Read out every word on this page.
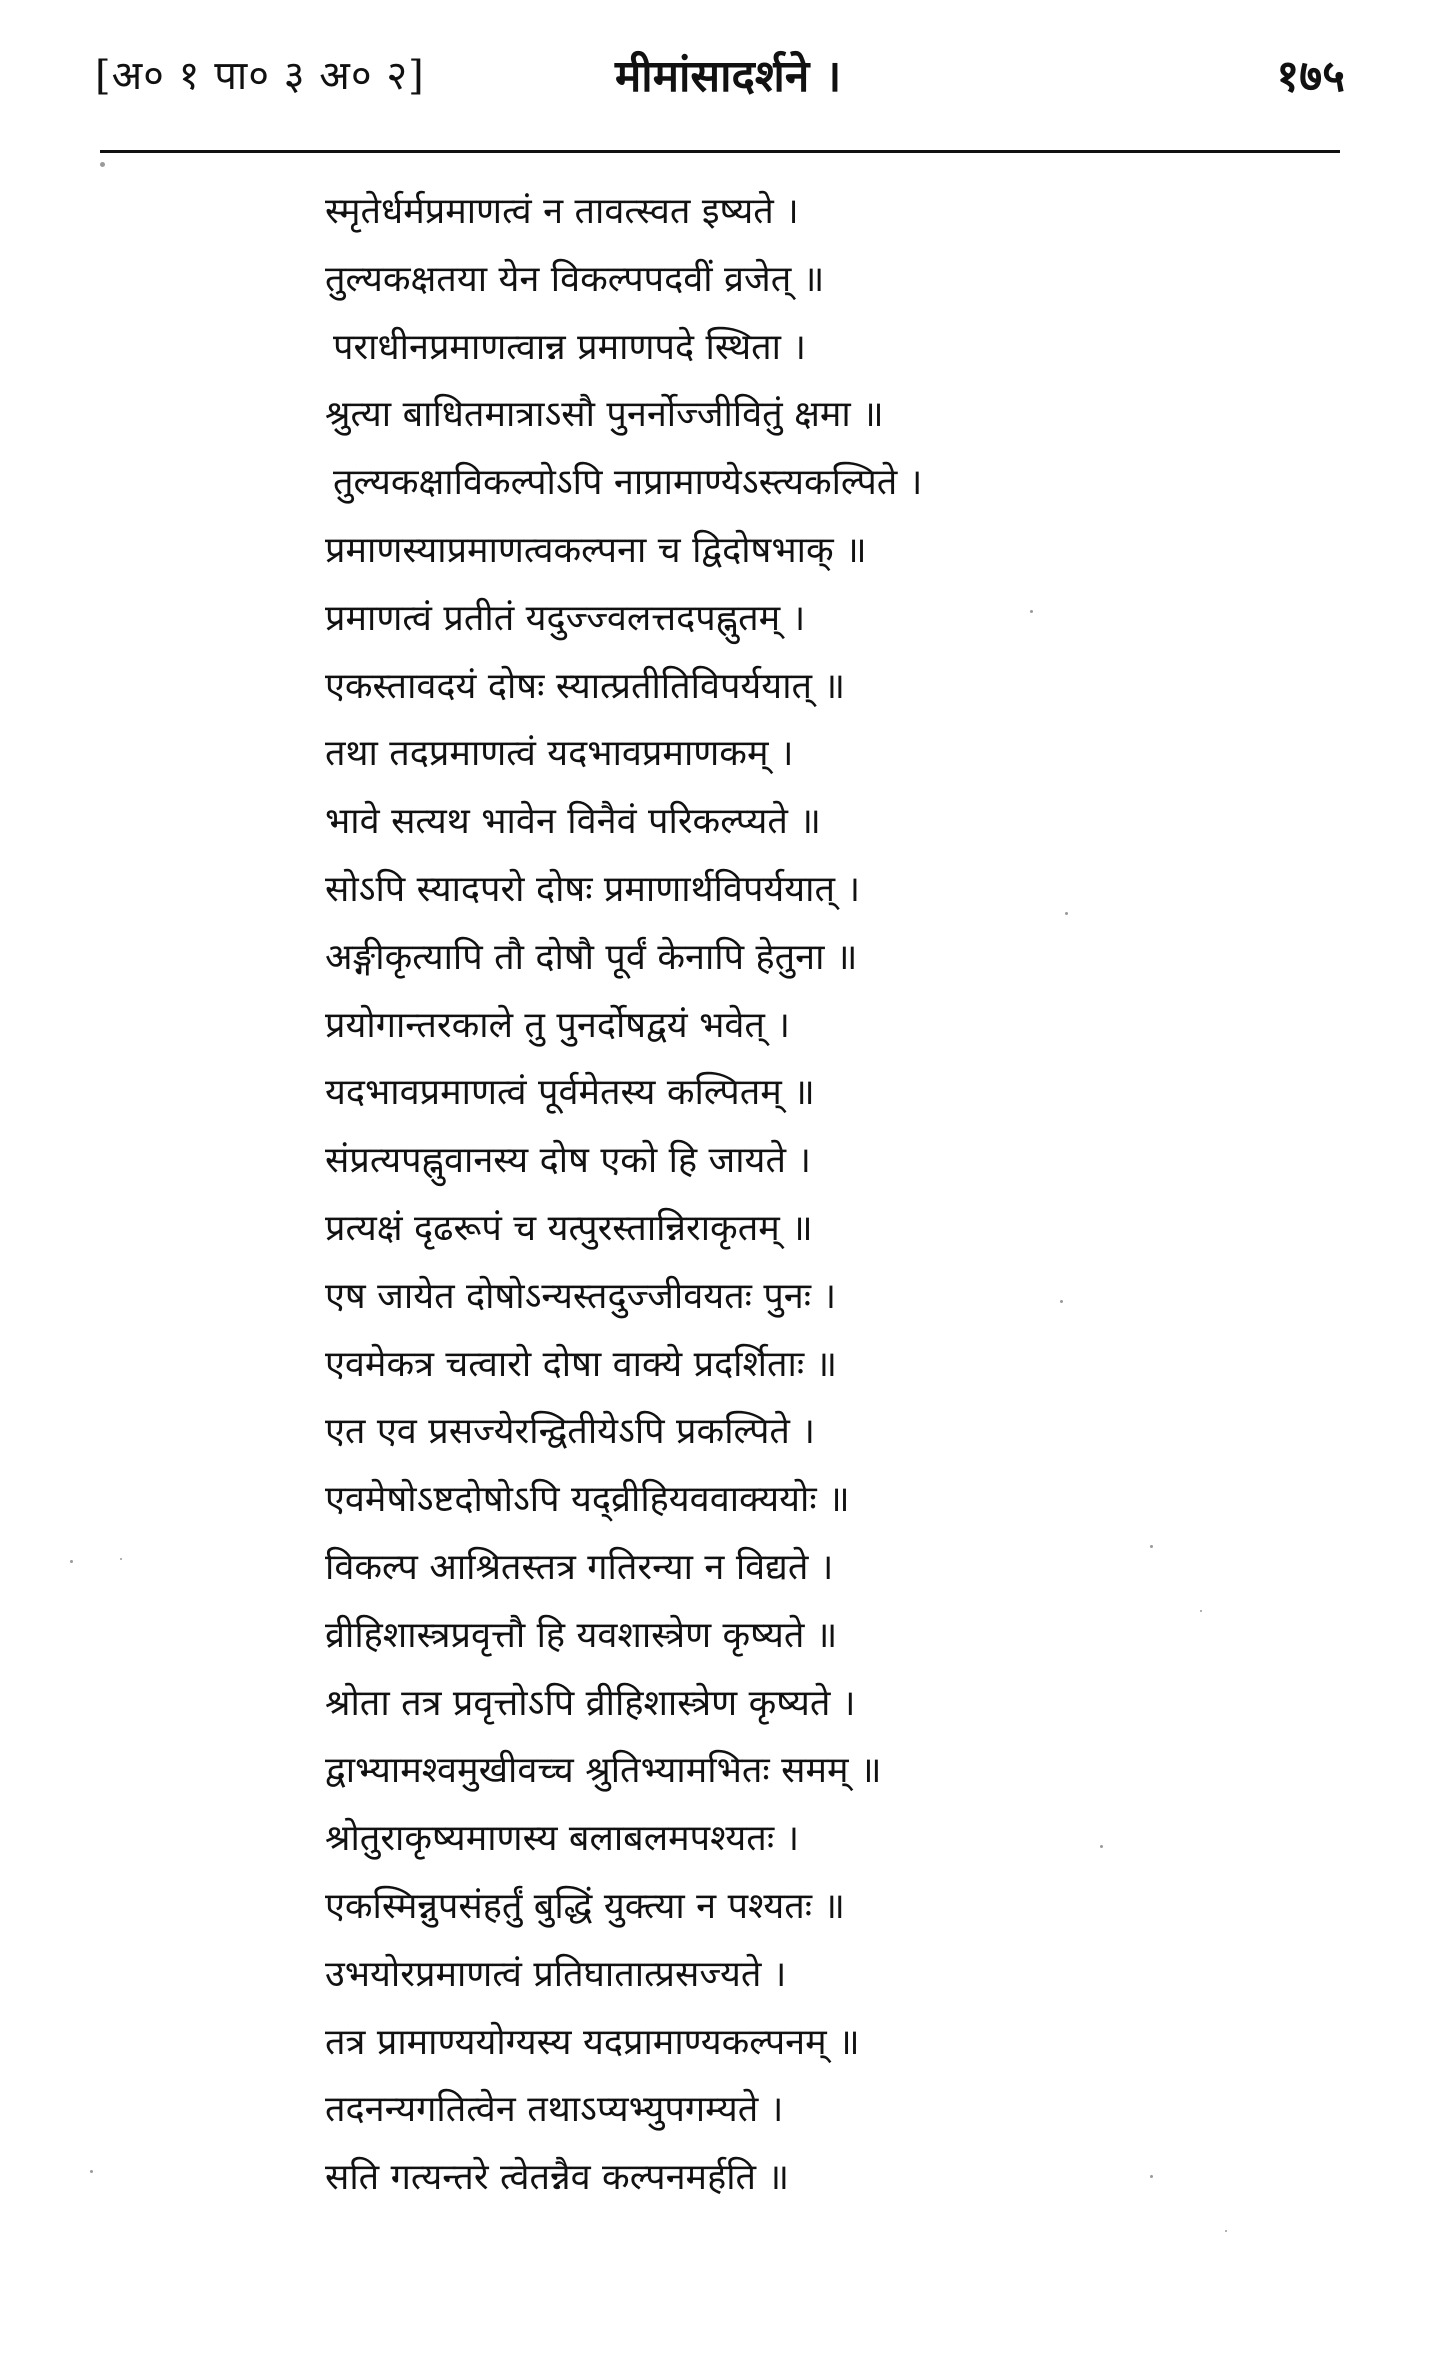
[अ० १ पा० ३ अ० २]	मीमांसादर्शने ।	१७५
स्मृतेर्धर्मप्रमाणत्वं न तावत्स्वत इष्यते ।
तुल्यकक्षतया येन विकल्पपदवीं व्रजेत् ॥
पराधीनप्रमाणत्वान्न प्रमाणपदे स्थिता ।
श्रुत्या बाधितमात्राऽसौ पुनर्नोज्जीवितुं क्षमा ॥
तुल्यकक्षाविकल्पोऽपि नाप्रामाण्येऽस्त्यकल्पिते ।
प्रमाणस्याप्रमाणत्वकल्पना च द्विदोषभाक् ॥
प्रमाणत्वं प्रतीतं यदुज्ज्वलत्तदपह्नुतम् ।
एकस्तावदयं दोषः स्यात्प्रतीतिविपर्ययात् ॥
तथा तदप्रमाणत्वं यदभावप्रमाणकम् ।
भावे सत्यथ भावेन विनैवं परिकल्प्यते ॥
सोऽपि स्यादपरो दोषः प्रमाणार्थविपर्ययात् ।
अङ्गीकृत्यापि तौ दोषौ पूर्वं केनापि हेतुना ॥
प्रयोगान्तरकाले तु पुनर्दोषद्वयं भवेत् ।
यदभावप्रमाणत्वं पूर्वमेतस्य कल्पितम् ॥
संप्रत्यपह्नुवानस्य दोष एको हि जायते ।
प्रत्यक्षं दृढरूपं च यत्पुरस्तान्निराकृतम् ॥
एष जायेत दोषोऽन्यस्तदुज्जीवयतः पुनः ।
एवमेकत्र चत्वारो दोषा वाक्ये प्रदर्शिताः ॥
एत एव प्रसज्येरन्द्वितीयेऽपि प्रकल्पिते ।
एवमेषोऽष्टदोषोऽपि यद्व्रीहियववाक्ययोः ॥
विकल्प आश्रितस्तत्र गतिरन्या न विद्यते ।
व्रीहिशास्त्रप्रवृत्तौ हि यवशास्त्रेण कृष्यते ॥
श्रोता तत्र प्रवृत्तोऽपि व्रीहिशास्त्रेण कृष्यते ।
द्वाभ्यामश्वमुखीवच्च श्रुतिभ्यामभितः समम् ॥
श्रोतुराकृष्यमाणस्य बलाबलमपश्यतः ।
एकस्मिन्नुपसंहर्तुं बुद्धिं युक्त्या न पश्यतः ॥
उभयोरप्रमाणत्वं प्रतिघातात्प्रसज्यते ।
तत्र प्रामाण्ययोग्यस्य यदप्रामाण्यकल्पनम् ॥
तदनन्यगतित्वेन तथाऽप्यभ्युपगम्यते ।
सति गत्यन्तरे त्वेतन्नैव कल्पनमर्हति ॥
